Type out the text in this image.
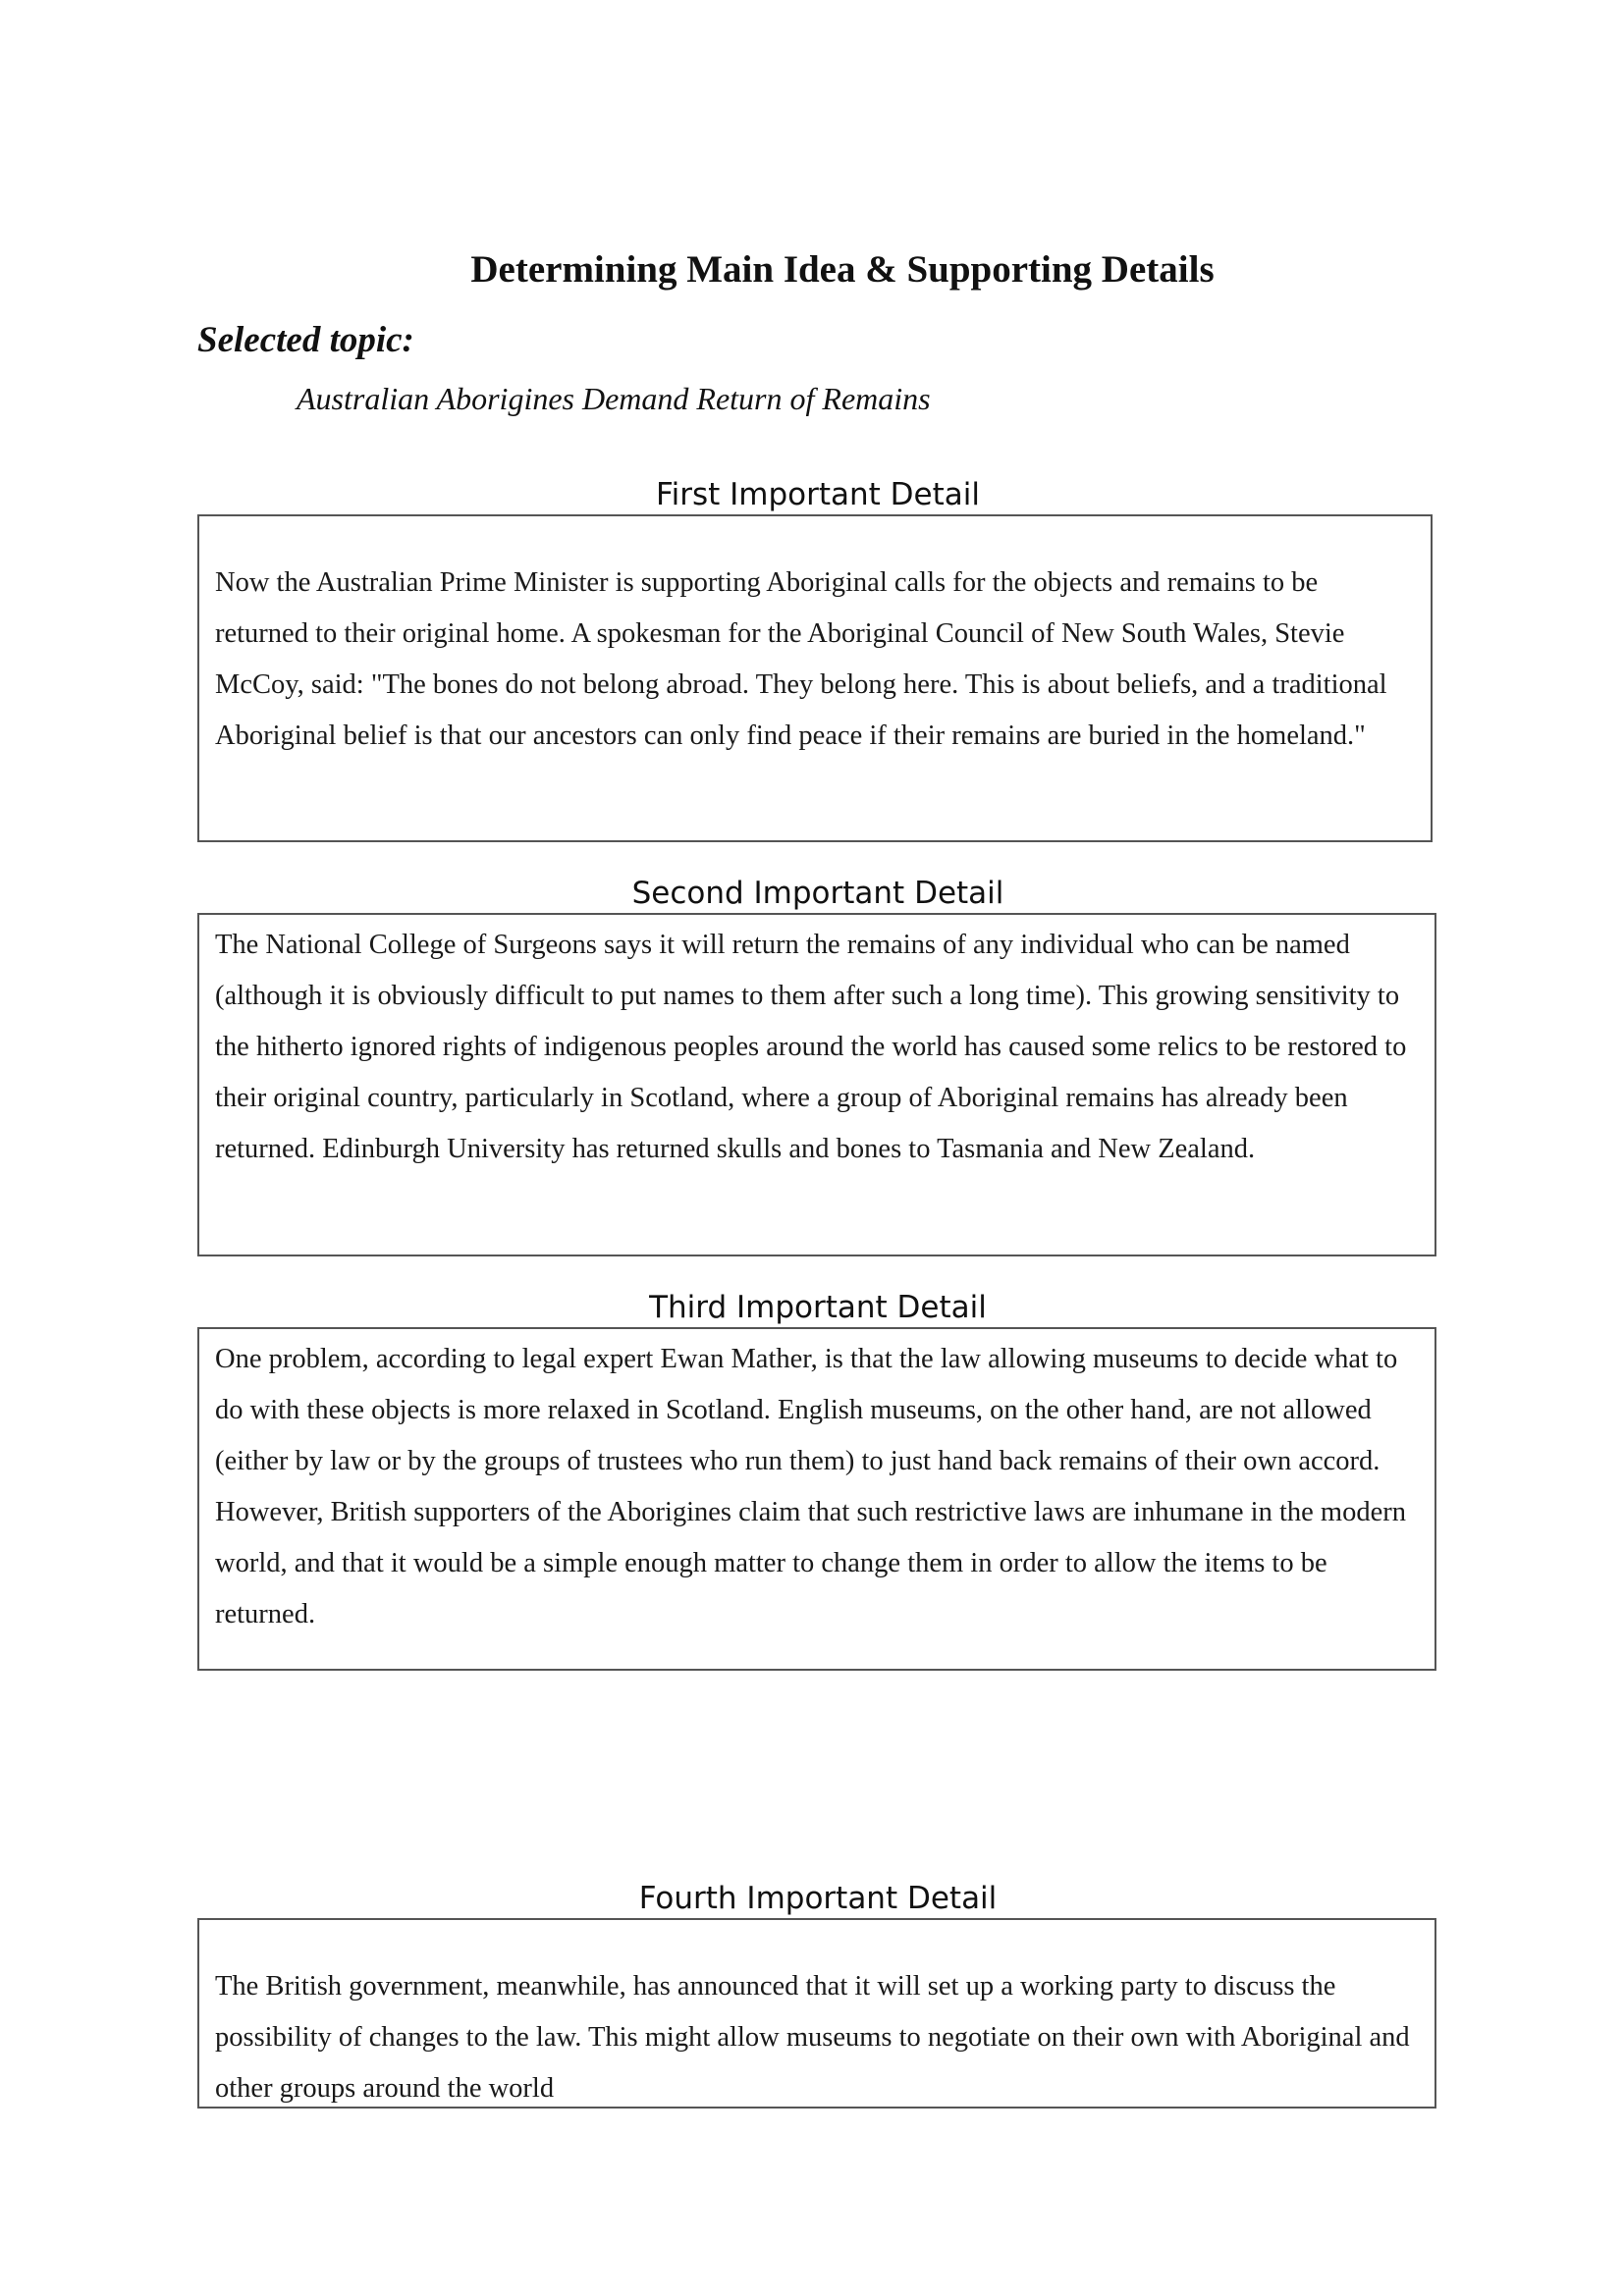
Determining Main Idea & Supporting Details

Selected topic:

Australian Aborigines Demand Return of Remains

First Important Detail

Now the Australian Prime Minister is supporting Aboriginal calls for the objects and remains to be returned to their original home. A spokesman for the Aboriginal Council of New South Wales, Stevie McCoy, said: "The bones do not belong abroad. They belong here. This is about beliefs, and a traditional Aboriginal belief is that our ancestors can only find peace if their remains are buried in the homeland."

Second Important Detail

The National College of Surgeons says it will return the remains of any individual who can be named (although it is obviously difficult to put names to them after such a long time). This growing sensitivity to the hitherto ignored rights of indigenous peoples around the world has caused some relics to be restored to their original country, particularly in Scotland, where a group of Aboriginal remains has already been returned. Edinburgh University has returned skulls and bones to Tasmania and New Zealand.

Third Important Detail

One problem, according to legal expert Ewan Mather, is that the law allowing museums to decide what to do with these objects is more relaxed in Scotland. English museums, on the other hand, are not allowed (either by law or by the groups of trustees who run them) to just hand back remains of their own accord. However, British supporters of the Aborigines claim that such restrictive laws are inhumane in the modern world, and that it would be a simple enough matter to change them in order to allow the items to be returned.

Fourth Important Detail

The British government, meanwhile, has announced that it will set up a working party to discuss the possibility of changes to the law. This might allow museums to negotiate on their own with Aboriginal and other groups around the world
